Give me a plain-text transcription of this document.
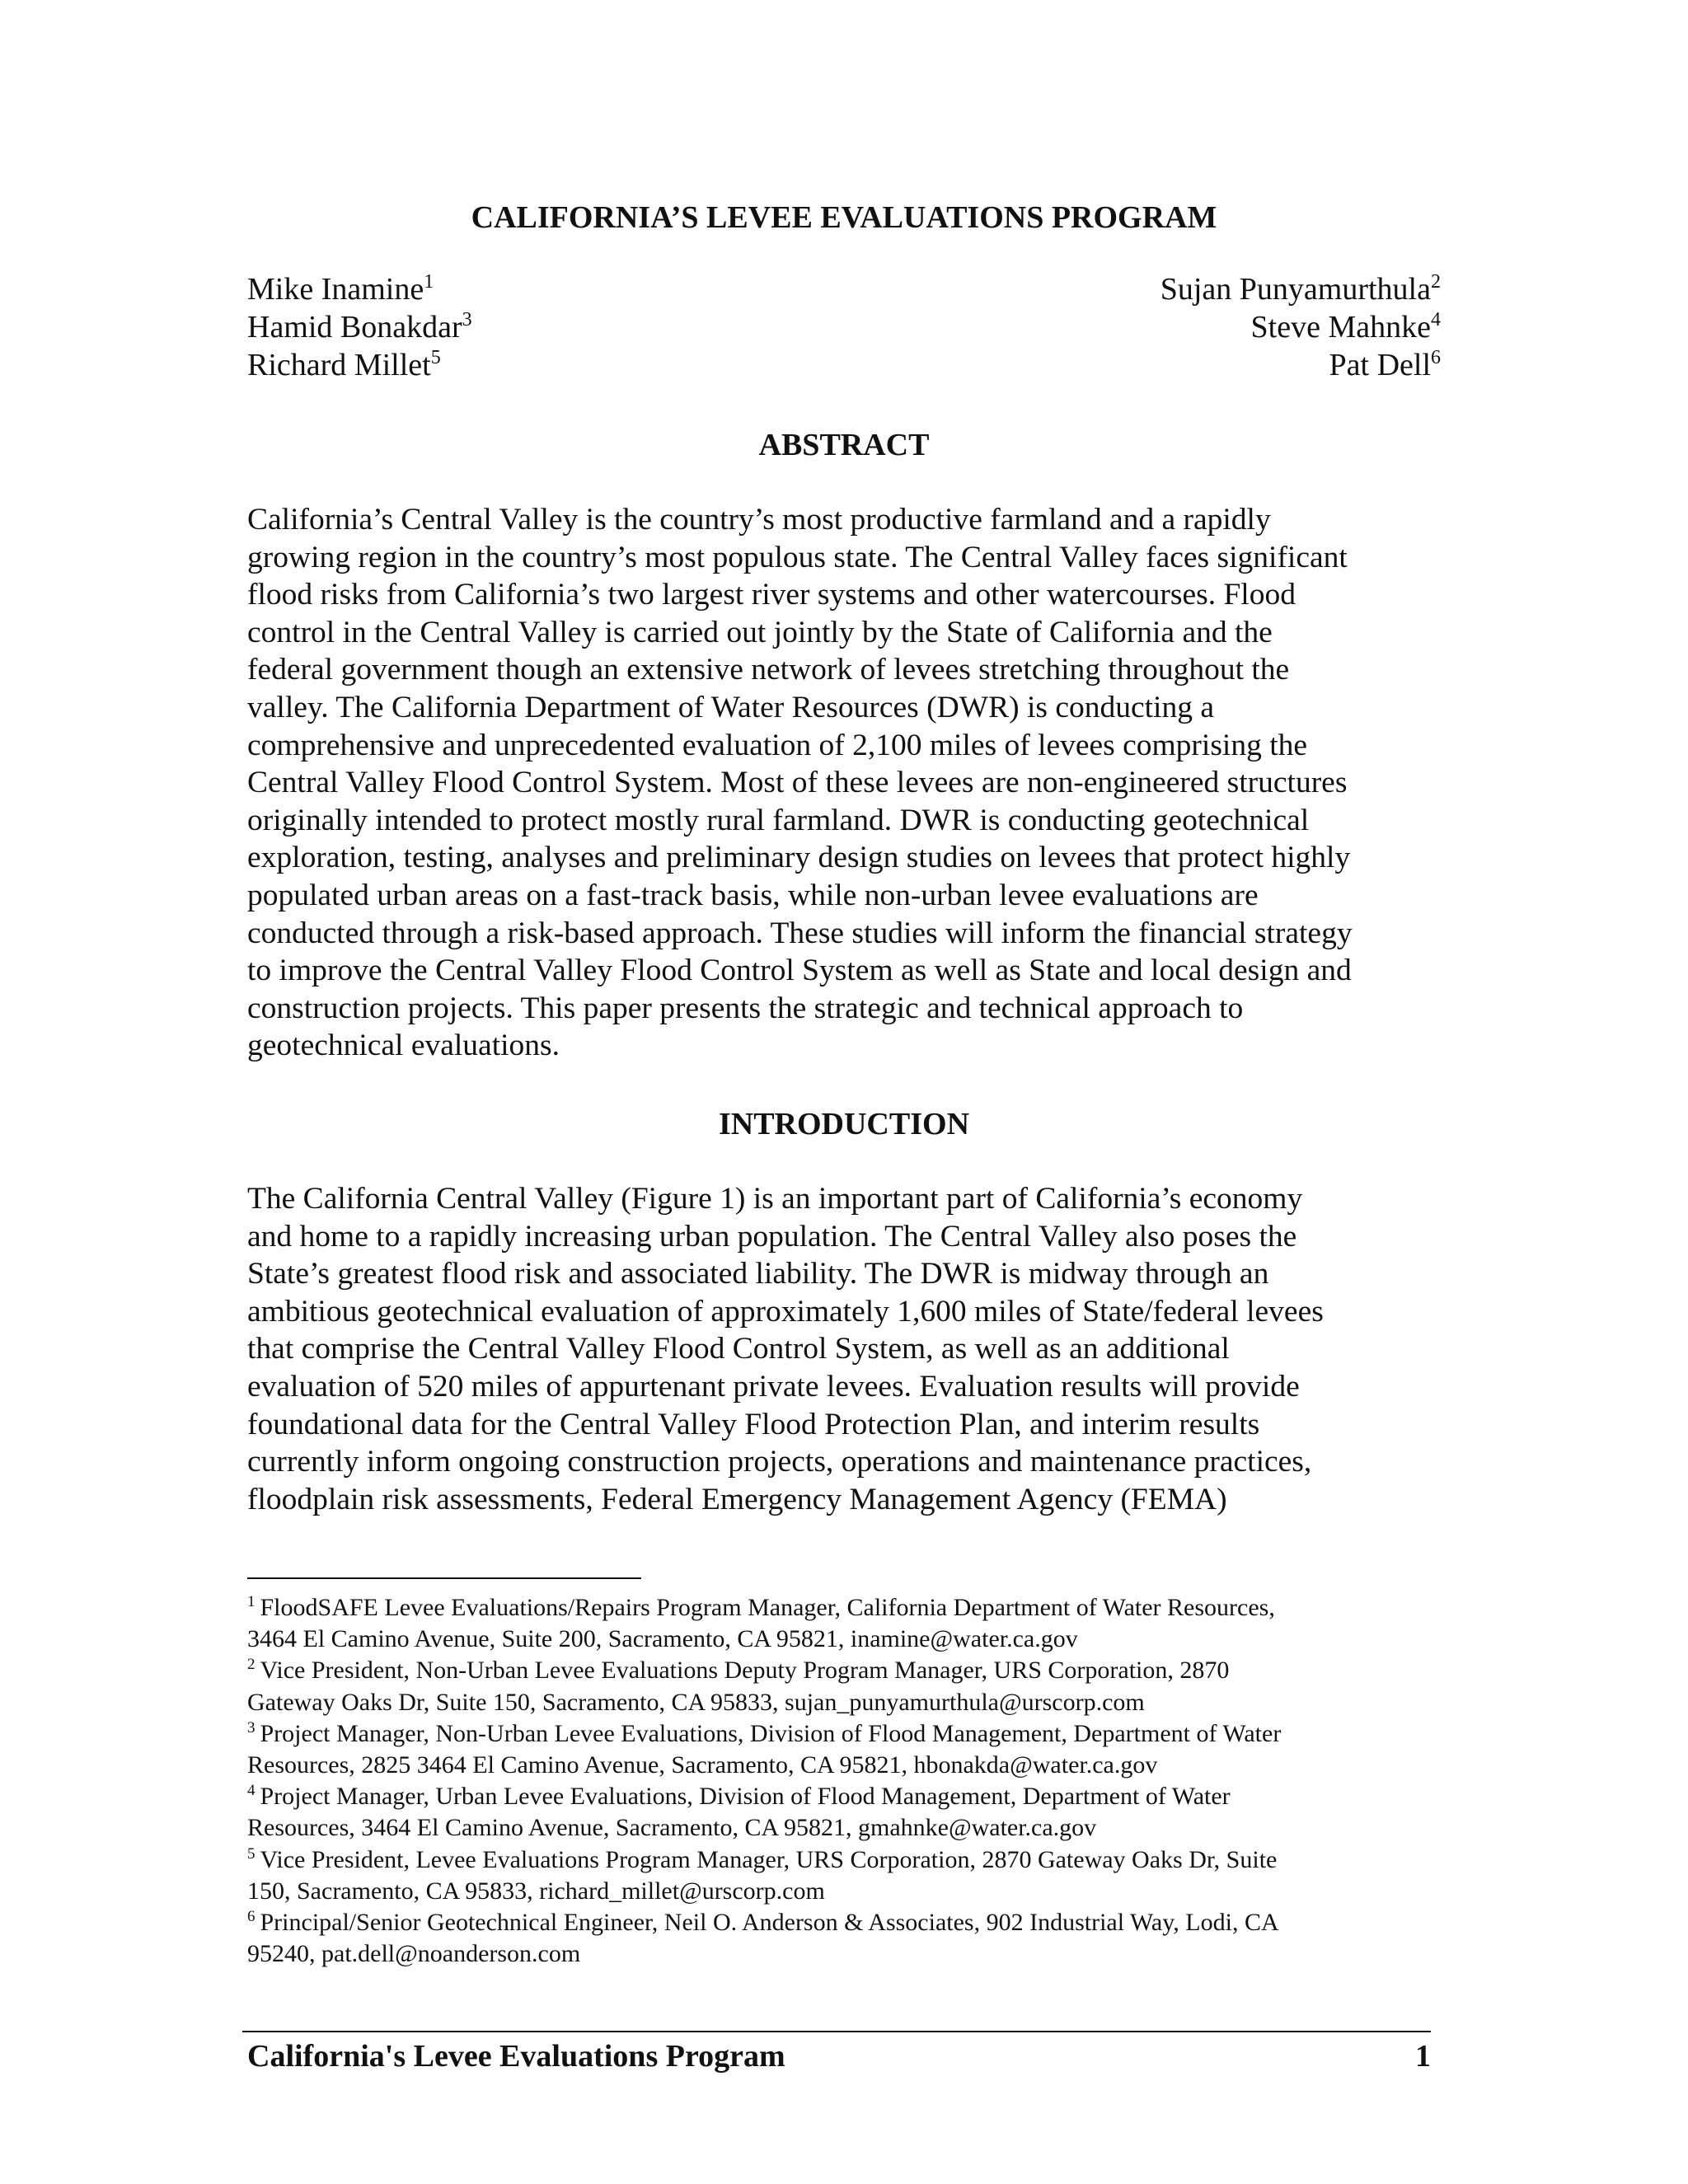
CALIFORNIA’S LEVEE EVALUATIONS PROGRAM
Mike Inamine$^1$	Sujan Punyamurthula$^2$
Hamid Bonakdar$^3$	Steve Mahnke$^4$
Richard Millet$^5$	Pat Dell$^6$
ABSTRACT

California’s Central Valley is the country’s most productive farmland and a rapidly
growing region in the country’s most populous state. The Central Valley faces significant
flood risks from California’s two largest river systems and other watercourses. Flood
control in the Central Valley is carried out jointly by the State of California and the
federal government though an extensive network of levees stretching throughout the
valley. The California Department of Water Resources (DWR) is conducting a
comprehensive and unprecedented evaluation of 2,100 miles of levees comprising the
Central Valley Flood Control System. Most of these levees are non-engineered structures
originally intended to protect mostly rural farmland. DWR is conducting geotechnical
exploration, testing, analyses and preliminary design studies on levees that protect highly
populated urban areas on a fast-track basis, while non-urban levee evaluations are
conducted through a risk-based approach. These studies will inform the financial strategy
to improve the Central Valley Flood Control System as well as State and local design and
construction projects. This paper presents the strategic and technical approach to
geotechnical evaluations.

INTRODUCTION

The California Central Valley (Figure 1) is an important part of California’s economy
and home to a rapidly increasing urban population. The Central Valley also poses the
State’s greatest flood risk and associated liability. The DWR is midway through an
ambitious geotechnical evaluation of approximately 1,600 miles of State/federal levees
that comprise the Central Valley Flood Control System, as well as an additional
evaluation of 520 miles of appurtenant private levees. Evaluation results will provide
foundational data for the Central Valley Flood Protection Plan, and interim results
currently inform ongoing construction projects, operations and maintenance practices,
floodplain risk assessments, Federal Emergency Management Agency (FEMA)

$^1$ FloodSAFE Levee Evaluations/Repairs Program Manager, California Department of Water Resources,
3464 El Camino Avenue, Suite 200, Sacramento, CA 95821, inamine@water.ca.gov
$^2$ Vice President, Non-Urban Levee Evaluations Deputy Program Manager, URS Corporation, 2870
Gateway Oaks Dr, Suite 150, Sacramento, CA 95833, sujan_punyamurthula@urscorp.com
$^3$ Project Manager, Non-Urban Levee Evaluations, Division of Flood Management, Department of Water
Resources, 2825 3464 El Camino Avenue, Sacramento, CA 95821, hbonakda@water.ca.gov
$^4$ Project Manager, Urban Levee Evaluations, Division of Flood Management, Department of Water
Resources, 3464 El Camino Avenue, Sacramento, CA 95821, gmahnke@water.ca.gov
$^5$ Vice President, Levee Evaluations Program Manager, URS Corporation, 2870 Gateway Oaks Dr, Suite
150, Sacramento, CA 95833, richard_millet@urscorp.com
$^6$ Principal/Senior Geotechnical Engineer, Neil O. Anderson & Associates, 902 Industrial Way, Lodi, CA
95240, pat.dell@noanderson.com
California's Levee Evaluations Program	1
